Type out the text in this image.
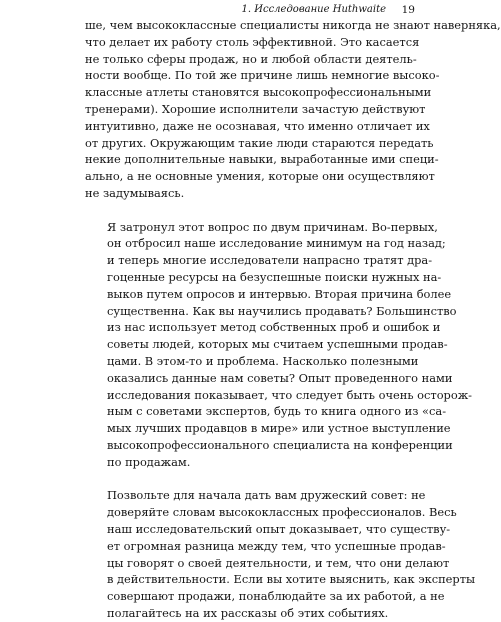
1. Исследование Huthwaite 19

ше, чем высококлассные специалисты никогда не знают наверняка,
что делает их работу столь эффективной. Это касается
не только сферы продаж, но и любой области деятель-
ности вообще. По той же причине лишь немногие высоко-
классные атлеты становятся высокопрофессиональными
тренерами). Хорошие исполнители зачастую действуют
интуитивно, даже не осознавая, что именно отличает их
от других. Окружающим такие люди стараются передать
некие дополнительные навыки, выработанные ими специ-
ально, а не основные умения, которые они осуществляют
не задумываясь.

Я затронул этот вопрос по двум причинам. Во-первых,
он отбросил наше исследование минимум на год назад;
и теперь многие исследователи напрасно тратят дра-
гоценные ресурсы на безуспешные поиски нужных на-
выков путем опросов и интервью. Вторая причина более
существенна. Как вы научились продавать? Большинство
из нас использует метод собственных проб и ошибок и
советы людей, которых мы считаем успешными продав-
цами. В этом-то и проблема. Насколько полезными
оказались данные нам советы? Опыт проведенного нами
исследования показывает, что следует быть очень осторож-
ным с советами экспертов, будь то книга одного из «са-
мых лучших продавцов в мире» или устное выступление
высокопрофессионального специалиста на конференции
по продажам.

Позвольте для начала дать вам дружеский совет: не
доверяйте словам высококлассных профессионалов. Весь
наш исследовательский опыт доказывает, что существу-
ет огромная разница между тем, что успешные продав-
цы говорят о своей деятельности, и тем, что они делают
в действительности. Если вы хотите выяснить, как эксперты
совершают продажи, понаблюдайте за их работой, а не
полагайтесь на их рассказы об этих событиях.
